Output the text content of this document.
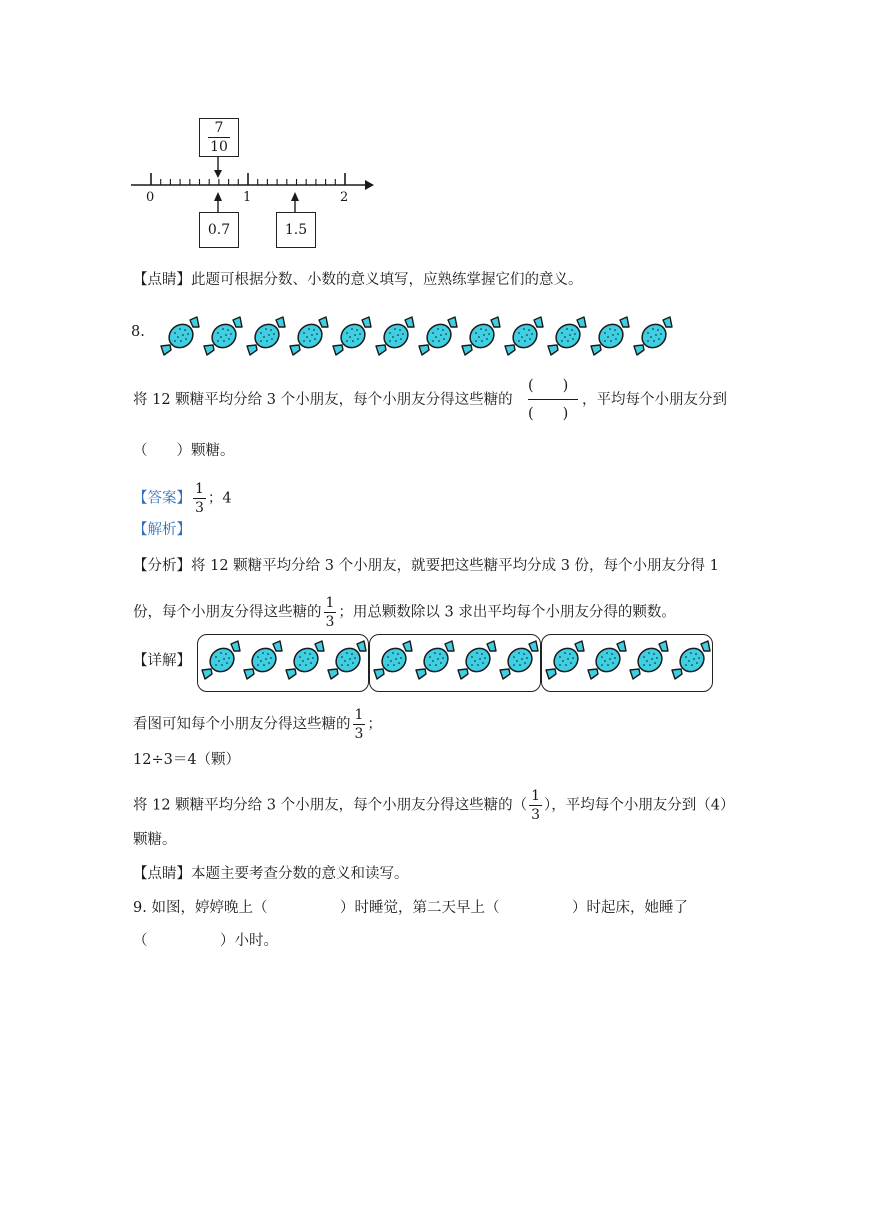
$\frac{7}{10}$
0	1	2
0.7	1.5
【点睛】此题可根据分数、小数的意义填写，应熟练掌握它们的意义。
8.
将 12 颗糖平均分给 3 个小朋友，每个小朋友分得这些糖的
(　　)
(　　)
，平均每个小朋友分到
（　　）颗糖。
【答案】 $\frac{1}{3}$ ；4
【解析】
【分析】将 12 颗糖平均分给 3 个小朋友，就要把这些糖平均分成 3 份，每个小朋友分得 1
份，每个小朋友分得这些糖的 $\frac{1}{3}$ ；用总颗数除以 3 求出平均每个小朋友分得的颗数。
【详解】
看图可知每个小朋友分得这些糖的 $\frac{1}{3}$ ；
12÷3＝4（颗）
将 12 颗糖平均分给 3 个小朋友，每个小朋友分得这些糖的（ $\frac{1}{3}$ ），平均每个小朋友分到（4）
颗糖。
【点睛】本题主要考查分数的意义和读写。
9. 如图，婷婷晚上（　　　　　）时睡觉，第二天早上（　　　　　）时起床，她睡了
（　　　　　）小时。
